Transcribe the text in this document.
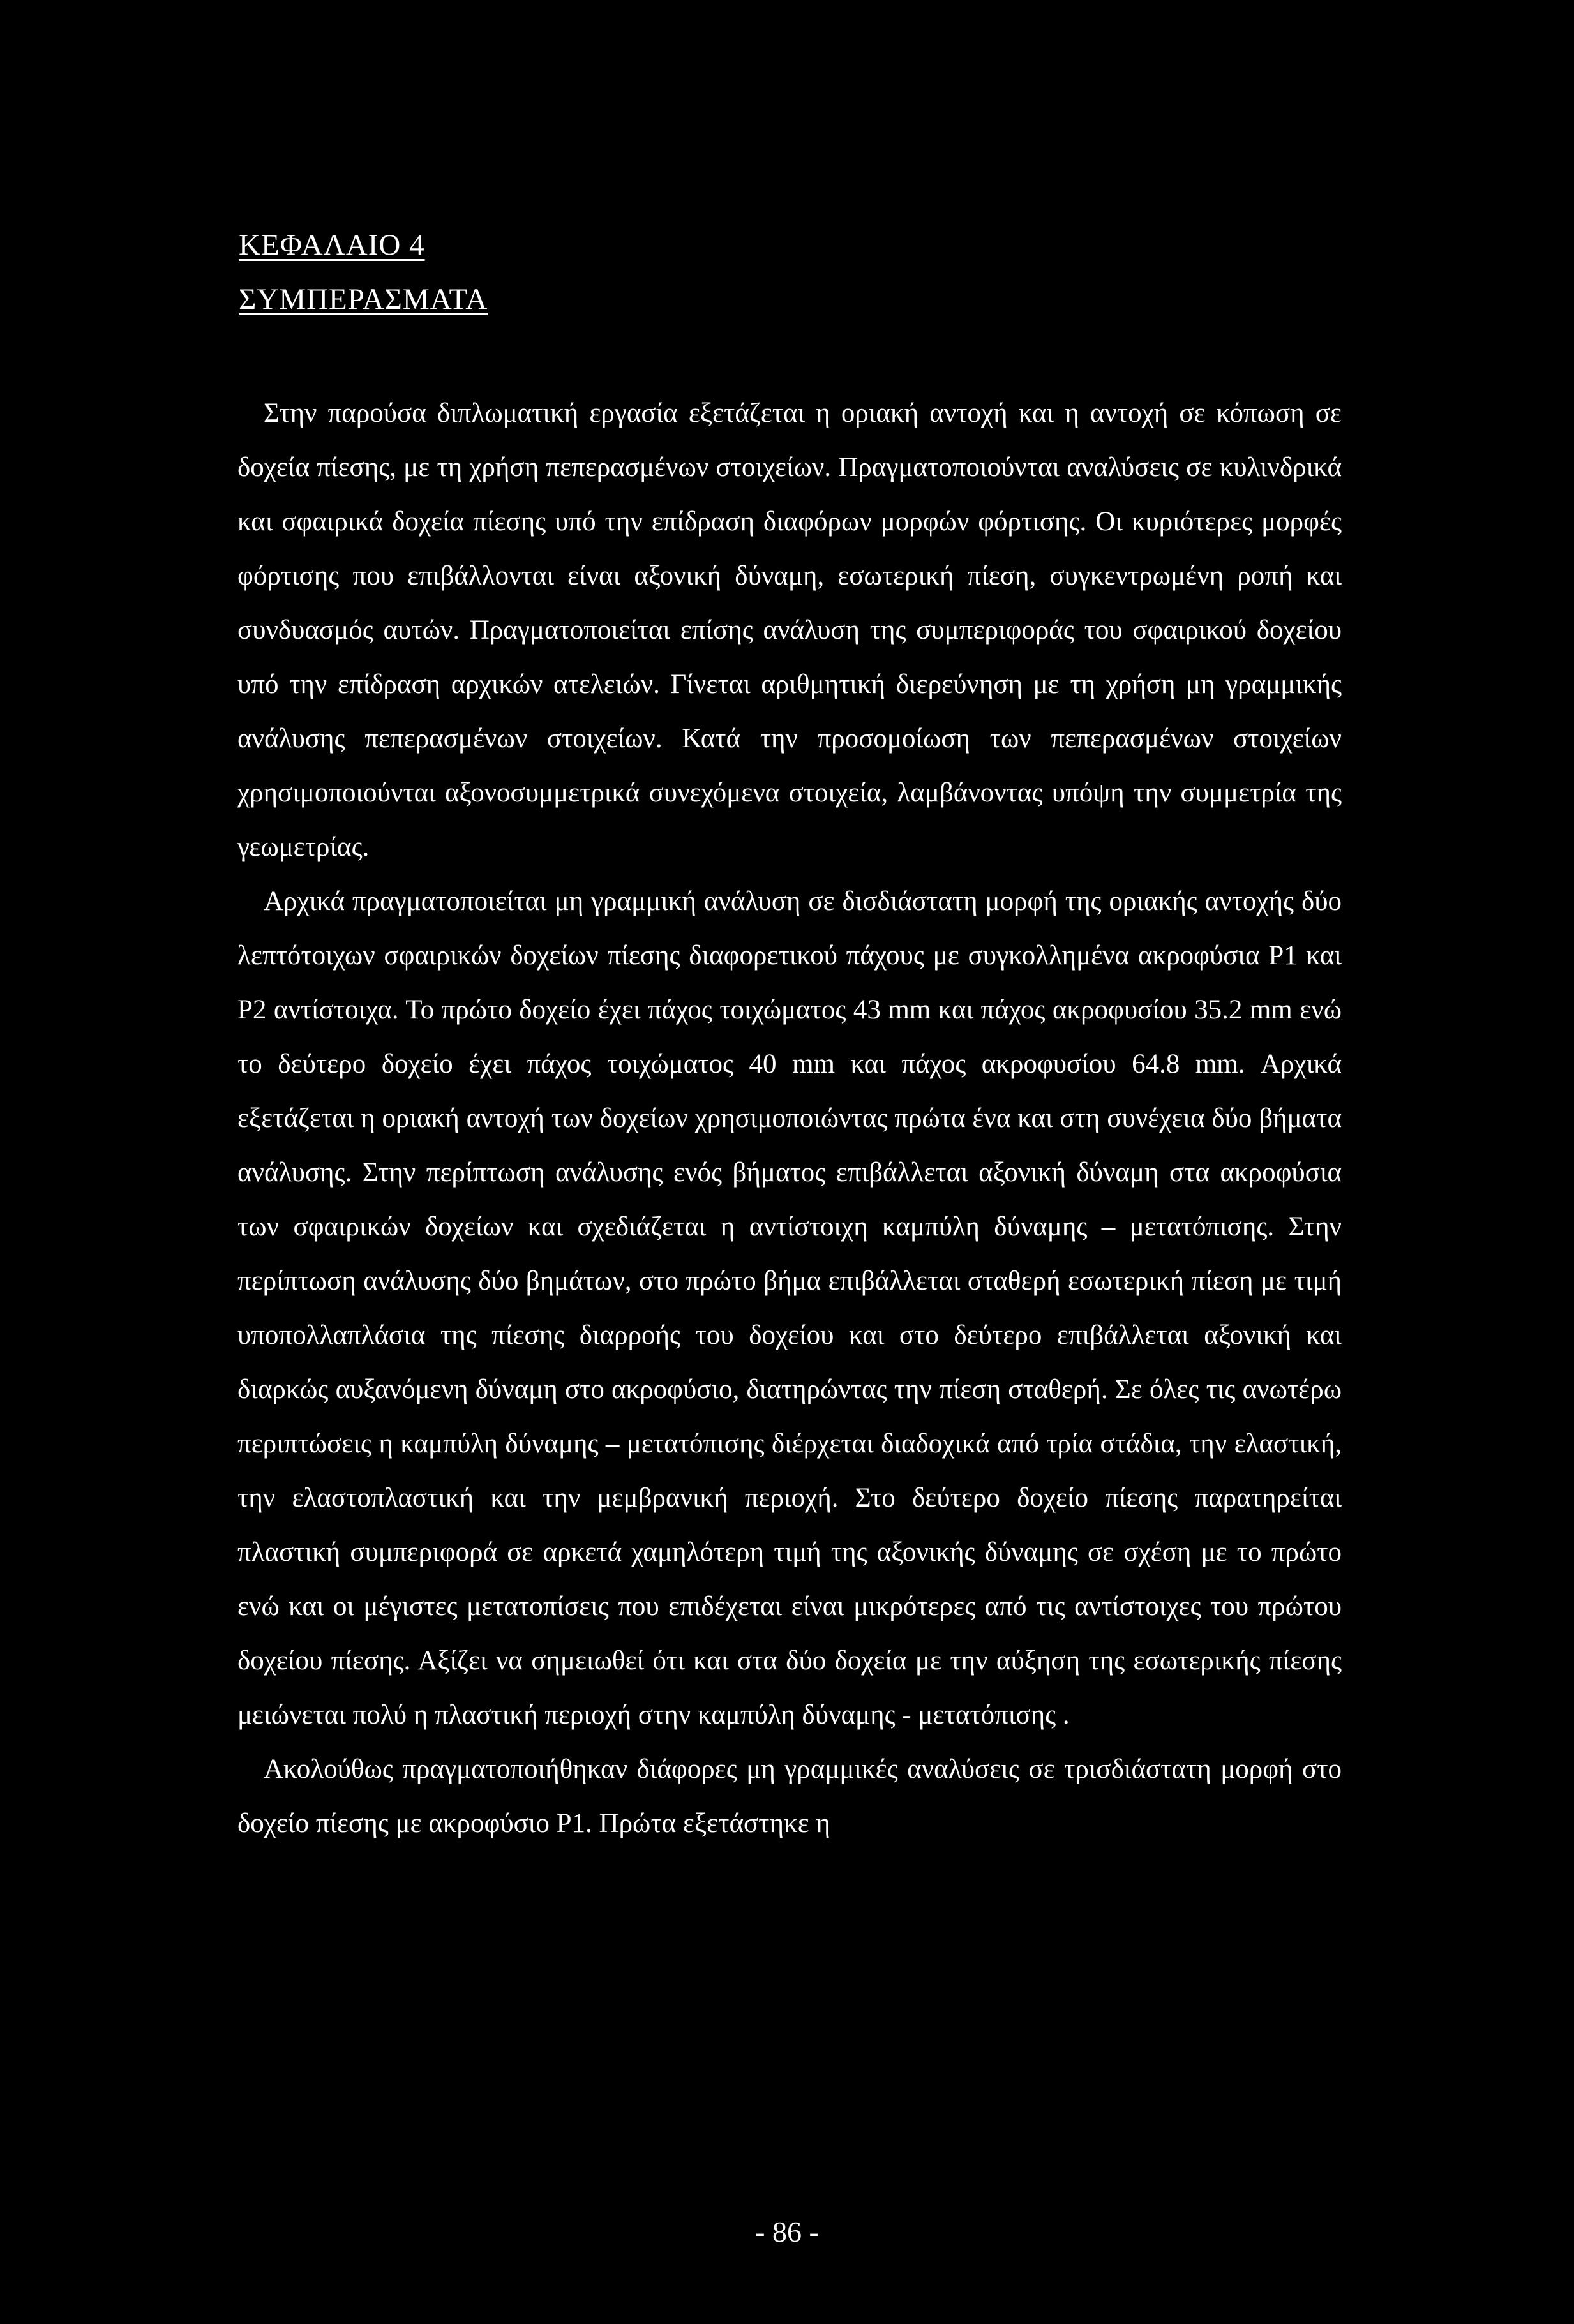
ΚΕΦΑΛΑΙΟ 4
ΣΥΜΠΕΡΑΣΜΑΤΑ

Στην παρούσα διπλωματική εργασία εξετάζεται η οριακή αντοχή και η αντοχή σε κόπωση σε δοχεία πίεσης, με τη χρήση πεπερασμένων στοιχείων. Πραγματοποιούνται αναλύσεις σε κυλινδρικά και σφαιρικά δοχεία πίεσης υπό την επίδραση διαφόρων μορφών φόρτισης. Οι κυριότερες μορφές φόρτισης που επιβάλλονται είναι αξονική δύναμη, εσωτερική πίεση, συγκεντρωμένη ροπή και συνδυασμός αυτών. Πραγματοποιείται επίσης ανάλυση της συμπεριφοράς του σφαιρικού δοχείου υπό την επίδραση αρχικών ατελειών. Γίνεται αριθμητική διερεύνηση με τη χρήση μη γραμμικής ανάλυσης πεπερασμένων στοιχείων. Κατά την προσομοίωση των πεπερασμένων στοιχείων χρησιμοποιούνται αξονοσυμμετρικά συνεχόμενα στοιχεία, λαμβάνοντας υπόψη την συμμετρία της γεωμετρίας.

Αρχικά πραγματοποιείται μη γραμμική ανάλυση σε δισδιάστατη μορφή της οριακής αντοχής δύο λεπτότοιχων σφαιρικών δοχείων πίεσης διαφορετικού πάχους με συγκολλημένα ακροφύσια P1 και P2 αντίστοιχα. Το πρώτο δοχείο έχει πάχος τοιχώματος 43 mm και πάχος ακροφυσίου 35.2 mm ενώ το δεύτερο δοχείο έχει πάχος τοιχώματος 40 mm και πάχος ακροφυσίου 64.8 mm. Αρχικά εξετάζεται η οριακή αντοχή των δοχείων χρησιμοποιώντας πρώτα ένα και στη συνέχεια δύο βήματα ανάλυσης. Στην περίπτωση ανάλυσης ενός βήματος επιβάλλεται αξονική δύναμη στα ακροφύσια των σφαιρικών δοχείων και σχεδιάζεται η αντίστοιχη καμπύλη δύναμης – μετατόπισης. Στην περίπτωση ανάλυσης δύο βημάτων, στο πρώτο βήμα επιβάλλεται σταθερή εσωτερική πίεση με τιμή υποπολλαπλάσια της πίεσης διαρροής του δοχείου και στο δεύτερο επιβάλλεται αξονική και διαρκώς αυξανόμενη δύναμη στο ακροφύσιο, διατηρώντας την πίεση σταθερή. Σε όλες τις ανωτέρω περιπτώσεις η καμπύλη δύναμης – μετατόπισης διέρχεται διαδοχικά από τρία στάδια, την ελαστική, την ελαστοπλαστική και την μεμβρανική περιοχή. Στο δεύτερο δοχείο πίεσης παρατηρείται πλαστική συμπεριφορά σε αρκετά χαμηλότερη τιμή της αξονικής δύναμης σε σχέση με το πρώτο ενώ και οι μέγιστες μετατοπίσεις που επιδέχεται είναι μικρότερες από τις αντίστοιχες του πρώτου δοχείου πίεσης. Αξίζει να σημειωθεί ότι και στα δύο δοχεία με την αύξηση της εσωτερικής πίεσης μειώνεται πολύ η πλαστική περιοχή στην καμπύλη δύναμης - μετατόπισης .

Ακολούθως πραγματοποιήθηκαν διάφορες μη γραμμικές αναλύσεις σε τρισδιάστατη μορφή στο δοχείο πίεσης με ακροφύσιο P1. Πρώτα εξετάστηκε η

- 86 -
